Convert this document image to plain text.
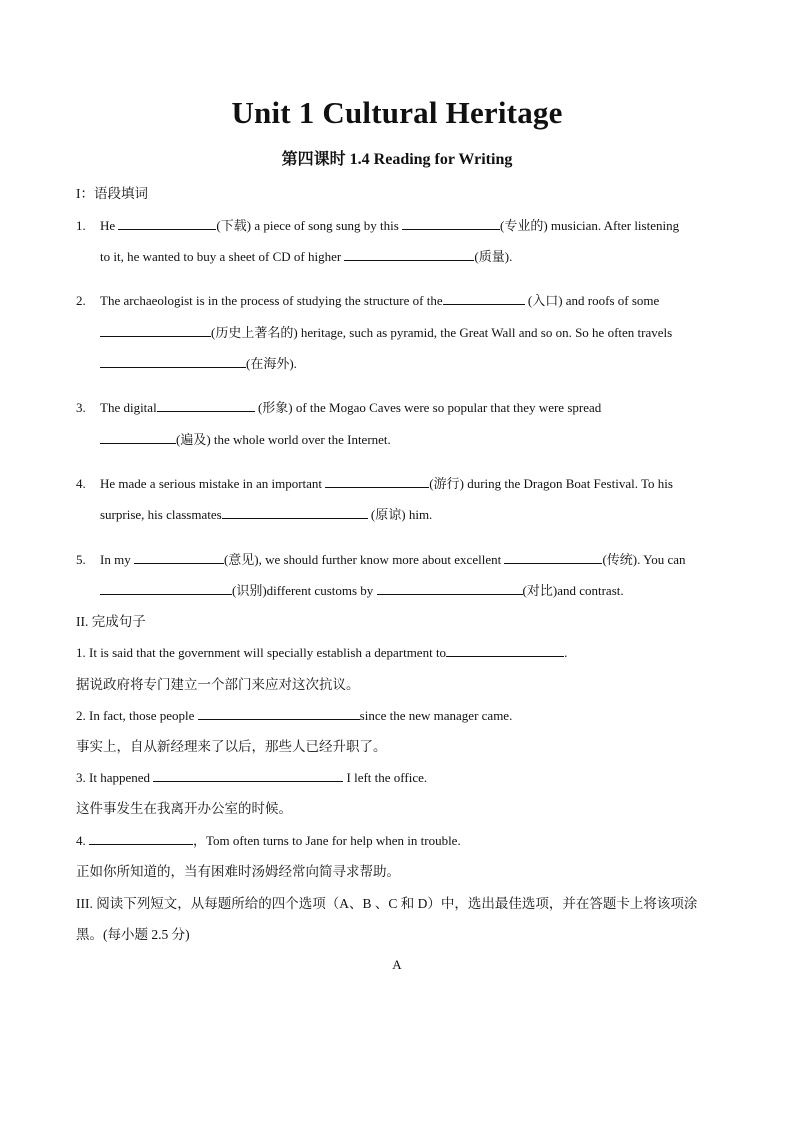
Unit 1 Cultural Heritage
第四课时 1.4 Reading for Writing
I：语段填词
1. He	(下载) a piece of song sung by this	(专业的) musician. After listening
to it, he wanted to buy a sheet of CD of higher	(质量).
2. The archaeologist is in the process of studying the structure of the	(入口) and roofs of some
(历史上著名的) heritage, such as pyramid, the Great Wall and so on. So he often travels
(在海外).
3. The digital	(形象) of the Mogao Caves were so popular that they were spread
(遍及) the whole world over the Internet.
4. He made a serious mistake in an important	(游行) during the Dragon Boat Festival. To his
surprise, his classmates	(原谅) him.
5. In my	(意见), we should further know more about excellent	(传统). You can
(识别)different customs by	(对比)and contrast.
II. 完成句子
1. It is said that the government will specially establish a department to	.
据说政府将专门建立一个部门来应对这次抗议。
2. In fact, those people	since the new manager came.
事实上，自从新经理来了以后，那些人已经升职了。
3. It happened	I left the office.
这件事发生在我离开办公室的时候。
4.	，Tom often turns to Jane for help when in trouble.
正如你所知道的，当有困难时汤姆经常向简寻求帮助。
III. 阅读下列短文，从每题所给的四个选项（A、B 、C 和 D）中，选出最佳选项，并在答题卡上将该项涂
黑。(每小题 2.5 分)
A
